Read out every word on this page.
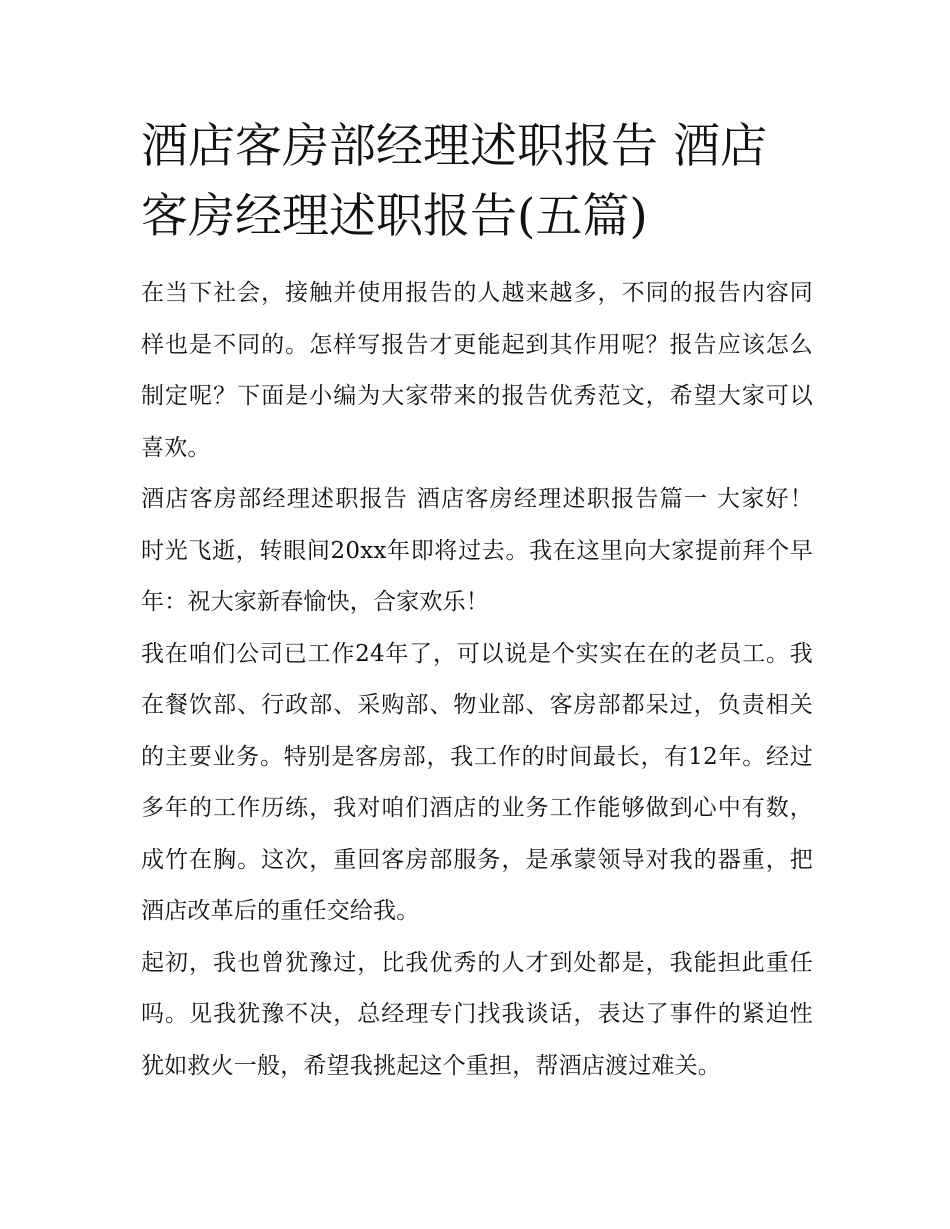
酒店客房部经理述职报告 酒店客房经理述职报告(五篇)

在当下社会，接触并使用报告的人越来越多，不同的报告内容同样也是不同的。怎样写报告才更能起到其作用呢？报告应该怎么制定呢？下面是小编为大家带来的报告优秀范文，希望大家可以喜欢。

酒店客房部经理述职报告 酒店客房经理述职报告篇一 大家好！ 时光飞逝，转眼间20xx年即将过去。我在这里向大家提前拜个早年：祝大家新春愉快，合家欢乐！

我在咱们公司已工作24年了，可以说是个实实在在的老员工。我在餐饮部、行政部、采购部、物业部、客房部都呆过，负责相关的主要业务。特别是客房部，我工作的时间最长，有12年。经过多年的工作历练，我对咱们酒店的业务工作能够做到心中有数，成竹在胸。这次，重回客房部服务，是承蒙领导对我的器重，把酒店改革后的重任交给我。

起初，我也曾犹豫过，比我优秀的人才到处都是，我能担此重任吗。见我犹豫不决，总经理专门找我谈话，表达了事件的紧迫性犹如救火一般，希望我挑起这个重担，帮酒店渡过难关。
